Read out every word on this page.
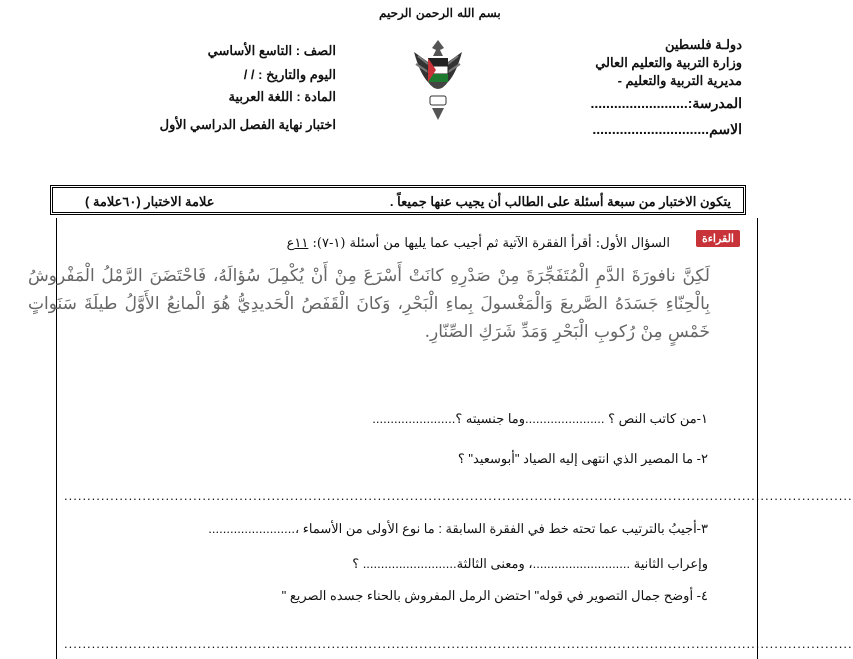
بسم الله الرحمن الرحيم
دولـة فلسطين
وزارة التربية والتعليم العالي
مديرية التربية والتعليم -
المدرسة:.........................
الاسم..............................
الصف : التاسع الأساسي
اليوم والتاريخ : / /
المادة : اللغة العربية
اختبار نهاية الفصل الدراسي الأول
يتكون الاختبار من سبعة أسئلة على الطالب أن يجيب عنها جميعاً .
علامة الاختبار (٦٠علامة )
القراءة
السؤال الأول: أقرأ الفقرة الآتية ثم أجيب عما يليها من أسئلة (١-٧): ١١ع
لَكِنَّ نافورَةَ الدَّمِ الْمُتَفَجِّرَةَ مِنْ صَدْرِهِ كانَتْ أَسْرَعَ مِنْ أَنْ يُكْمِلَ سُؤالَهُ، فَاحْتَضَنَ الرَّمْلُ الْمَفْروشُ بِالْحِنّاءِ جَسَدَهُ الصَّريعَ وَالْمَغْسولَ بِماءِ الْبَحْرِ، وَكانَ الْقَفَصُ الْحَديدِيُّ هُوَ الْمانِعُ الأَوَّلُ طيلَةَ سَنَواتٍ خَمْسٍ مِنْ رُكوبِ الْبَحْرِ وَمَدِّ شَرَكِ الصِّنّارِ.
١-من كاتب النص ؟ ......................وما جنسيته ؟.......................
٢- ما المصير الذي انتهى إليه الصياد "أبوسعيد" ؟
...........................................................................................................................................................................
٣-أجيبُ بالترتيب عما تحته خط في الفقرة السابقة : ما نوع الأولى من الأسماء ،........................
وإعراب الثانية ...........................، ومعنى الثالثة.......................... ؟
٤- أوضح جمال التصوير في قوله" احتضن الرمل المفروش بالحناء جسده الصريع "
...........................................................................................................................................................................
